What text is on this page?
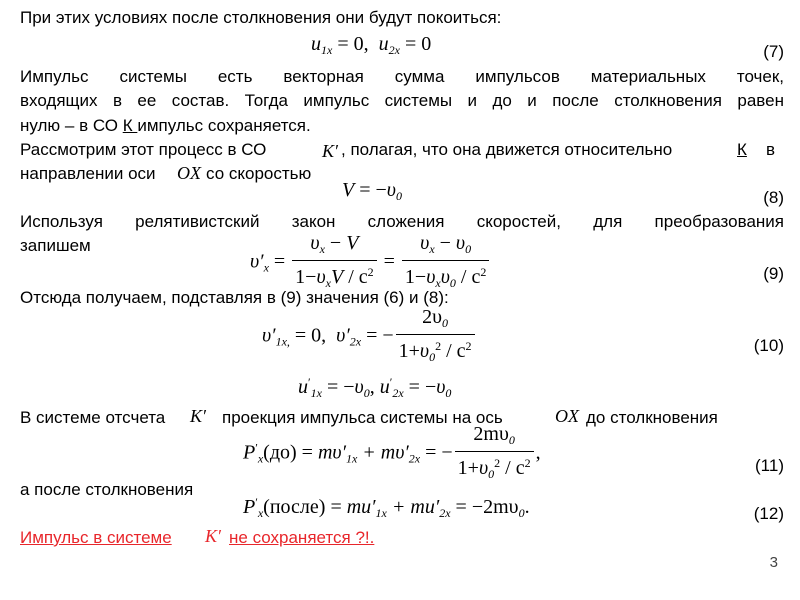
При этих условиях после столкновения они будут покоиться:
$u_{1x} = 0$, $u_{2x} = 0$	(7)
Импульс системы есть векторная сумма импульсов материальных точек,
входящих в ее состав. Тогда импульс системы и до и после столкновения равен
нулю – в СО К импульс сохраняется.
Рассмотрим этот процесс в СО	K′ , полагая, что она движется относительно	К в
направлении оси	OX со скоростью
$V = -\upsilon_0$	(8)
Используя релятивистский закон сложения скоростей, для преобразования
запишем
$\upsilon'_x = \frac{\upsilon_x - V}{1-\upsilon_xV / c^2} = \frac{\upsilon_x - \upsilon_0}{1-\upsilon_x\upsilon_0 / c^2}$	(9)
Отсюда получаем, подставляя в (9) значения (6) и (8):
$\upsilon'_{1x,} = 0$, $\upsilon'_{2x}$ = − $\frac{2\upsilon_0}{1+\upsilon_0^2 / c^2}$	(10)
$u'_{1x} = -\upsilon_0$, $u'_{2x} = -\upsilon_0$
В системе отсчета	K′ проекция импульса системы на ось	OX до столкновения
$P'_x(до) = m\upsilon'_{1x} + m\upsilon'_{2x}$ = − $\frac{2m\upsilon_0}{1+\upsilon_0^2 / c^2}$ ,
(11)
а после столкновения
$P'_x(после) = mu'_{1x} + mu'_{2x} = -2m\upsilon_0$.	(12)
Импульс в системе K′ не сохраняется ?!.
3
